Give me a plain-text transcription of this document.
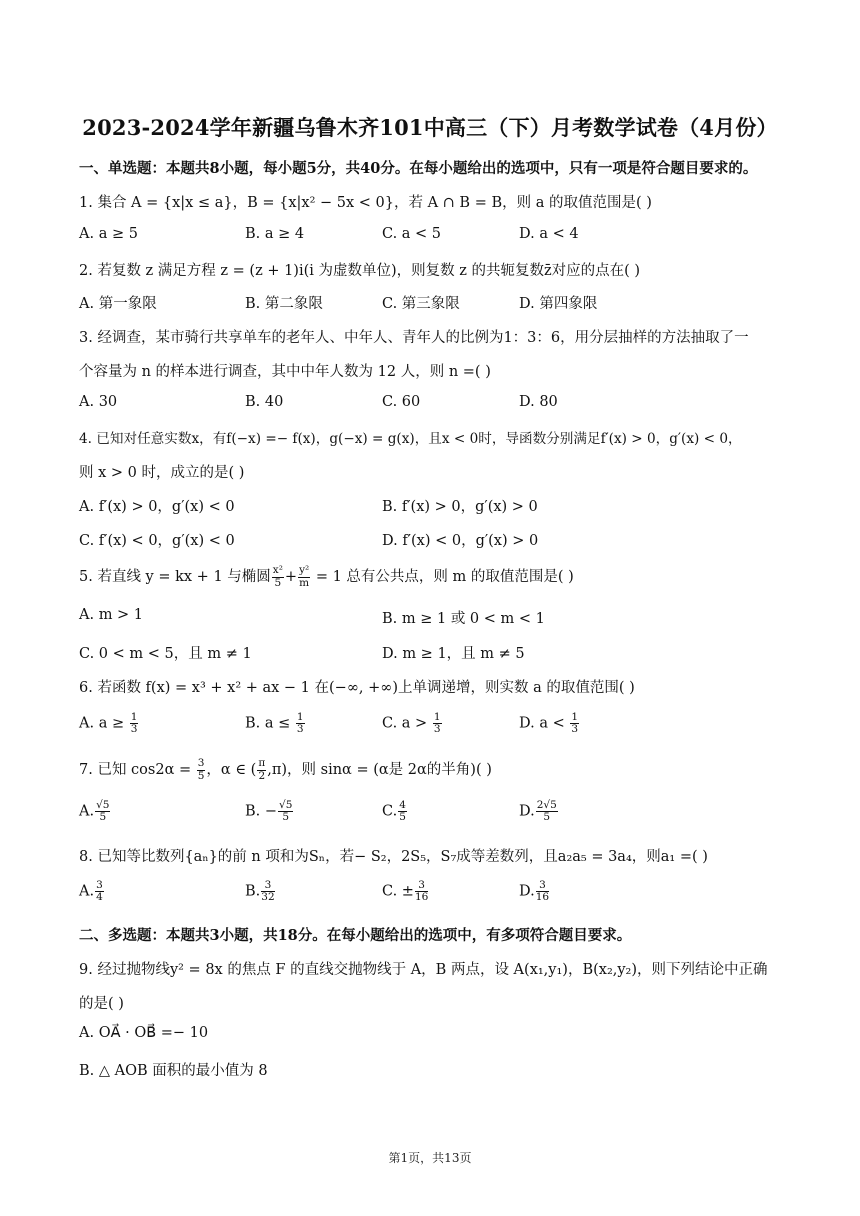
2023-2024学年新疆乌鲁木齐101中高三（下）月考数学试卷（4月份）
一、单选题：本题共8小题，每小题5分，共40分。在每小题给出的选项中，只有一项是符合题目要求的。
1. 集合 A = {x|x ≤ a}，B = {x|x² − 5x < 0}，若 A ∩ B = B，则 a 的取值范围是( )
A. a ≥ 5	B. a ≥ 4	C. a < 5	D. a < 4
2. 若复数 z 满足方程 z = (z + 1)i(i 为虚数单位)，则复数 z 的共轭复数z̄对应的点在( )
A. 第一象限	B. 第二象限	C. 第三象限	D. 第四象限
3. 经调查，某市骑行共享单车的老年人、中年人、青年人的比例为1：3：6，用分层抽样的方法抽取了一
个容量为 n 的样本进行调查，其中中年人数为 12 人，则 n =( )
A. 30	B. 40	C. 60	D. 80
4. 已知对任意实数x，有f(−x) =− f(x)，g(−x) = g(x)，且x < 0时，导函数分别满足f′(x) > 0，g′(x) < 0，
则 x > 0 时，成立的是( )
A. f′(x) > 0，g′(x) < 0	B. f′(x) > 0，g′(x) > 0
C. f′(x) < 0，g′(x) < 0	D. f′(x) < 0，g′(x) > 0
5. 若直线 y = kx + 1 与椭圆 $\frac{\text{x²}}{5} + \frac{\text{y²}}{m} = 1$ 总有公共点，则 m 的取值范围是( )
A. m > 1	B. m ≥ 1 或 0 < m < 1
C. 0 < m < 5，且 m ≠ 1	D. m ≥ 1，且 m ≠ 5
6. 若函数 f(x) = x³ + x² + ax − 1 在(−∞, +∞)上单调递增，则实数 a 的取值范围( )
A. $a \ge \frac{1}{3}$	B. $a \le \frac{1}{3}$	C. $a > \frac{1}{3}$	D. $a < \frac{1}{3}$
7. 已知 $\cos 2\alpha = \frac{3}{5}$ ，α ∈ ( $\frac{\pi}{2} ,\pi$)，则 sinα = (α是 2α的半角)( )
A. $\frac{√5}{5}$	B. − $\frac{√5}{5}$	C. $\frac{4}{5}$	D. $\frac{2√5}{5}$
8. 已知等比数列{aₙ}的前 n 项和为Sₙ，若− S₂，2S₅，S₇成等差数列，且a₂a₅ = 3a₄，则a₁ =( )
A. $\frac{3}{4}$	B. $\frac{3}{32}$	C. ± $\frac{3}{16}$	D. $\frac{3}{16}$
二、多选题：本题共3小题，共18分。在每小题给出的选项中，有多项符合题目要求。
9. 经过抛物线y² = 8x 的焦点 F 的直线交抛物线于 A，B 两点，设 A(x₁,y₁)，B(x₂,y₂)，则下列结论中正确
的是( )
A. OA⃗ · OB⃗ =− 10
B. △ AOB 面积的最小值为 8
第1页，共13页
